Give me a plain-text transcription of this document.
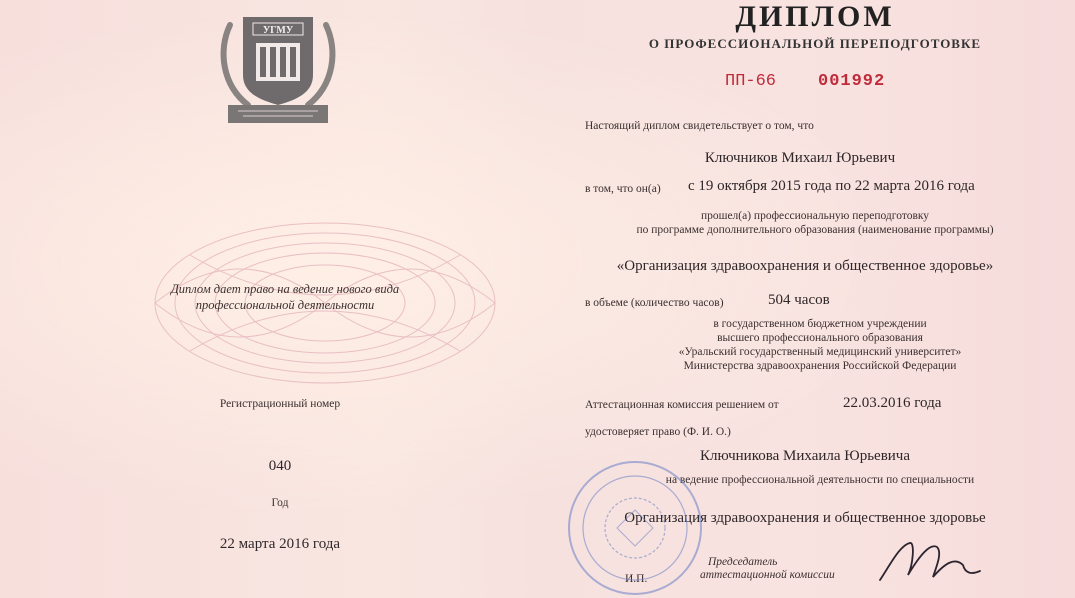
УГМУ	ДИПЛОМ
О ПРОФЕССИОНАЛЬНОЙ ПЕРЕПОДГОТОВКЕ
ПП-66 001992
Диплом дает право на ведение нового вида
профессиональной деятельности
Регистрационный номер
040
Год
22 марта 2016 года
Настоящий диплом свидетельствует о том, что
Ключников Михаил Юрьевич
в том, что он(а) с 19 октября 2015 года по 22 марта 2016 года
прошел(а) профессиональную переподготовку
по программе дополнительного образования (наименование программы)
«Организация здравоохранения и общественное здоровье»
в объеме (количество часов)	504 часов
в государственном бюджетном учреждении
высшего профессионального образования
«Уральский государственный медицинский университет»
Министерства здравоохранения Российской Федерации
Аттестационная комиссия решением от	22.03.2016 года
удостоверяет право (Ф. И. О.)
Ключникова Михаила Юрьевича
на ведение профессиональной деятельности по специальности
Организация здравоохранения и общественное здоровье
Председатель
аттестационной комиссии
И.П.
